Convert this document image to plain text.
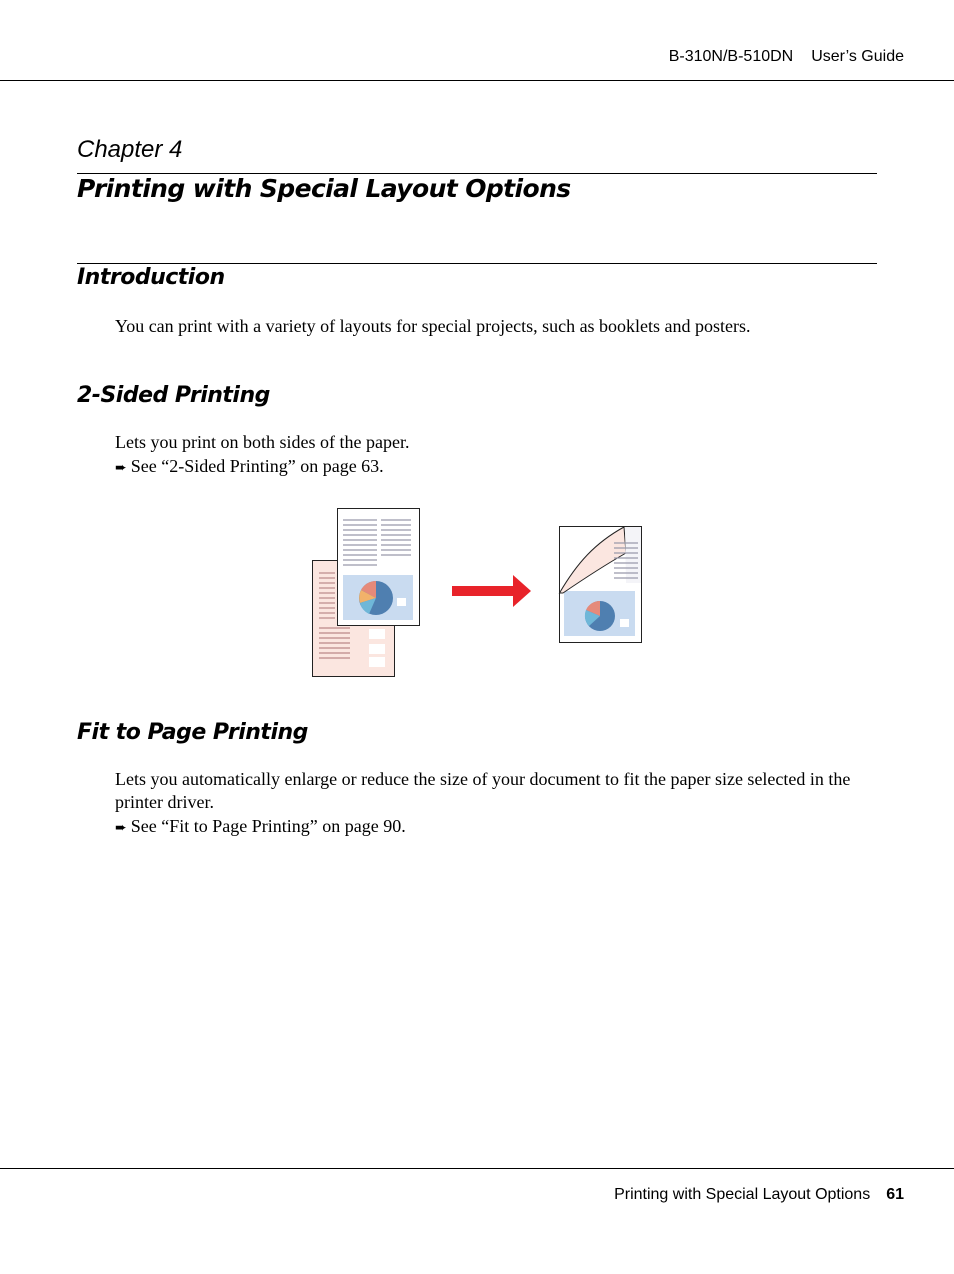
B-310N/B-510DN User’s Guide
Chapter 4
Printing with Special Layout Options
Introduction
You can print with a variety of layouts for special projects, such as booklets and posters.
2-Sided Printing
Lets you print on both sides of the paper.
➨ See “2-Sided Printing” on page 63.
Fit to Page Printing
Lets you automatically enlarge or reduce the size of your document to fit the paper size selected in the printer driver.
➨ See “Fit to Page Printing” on page 90.
Printing with Special Layout Options 61
